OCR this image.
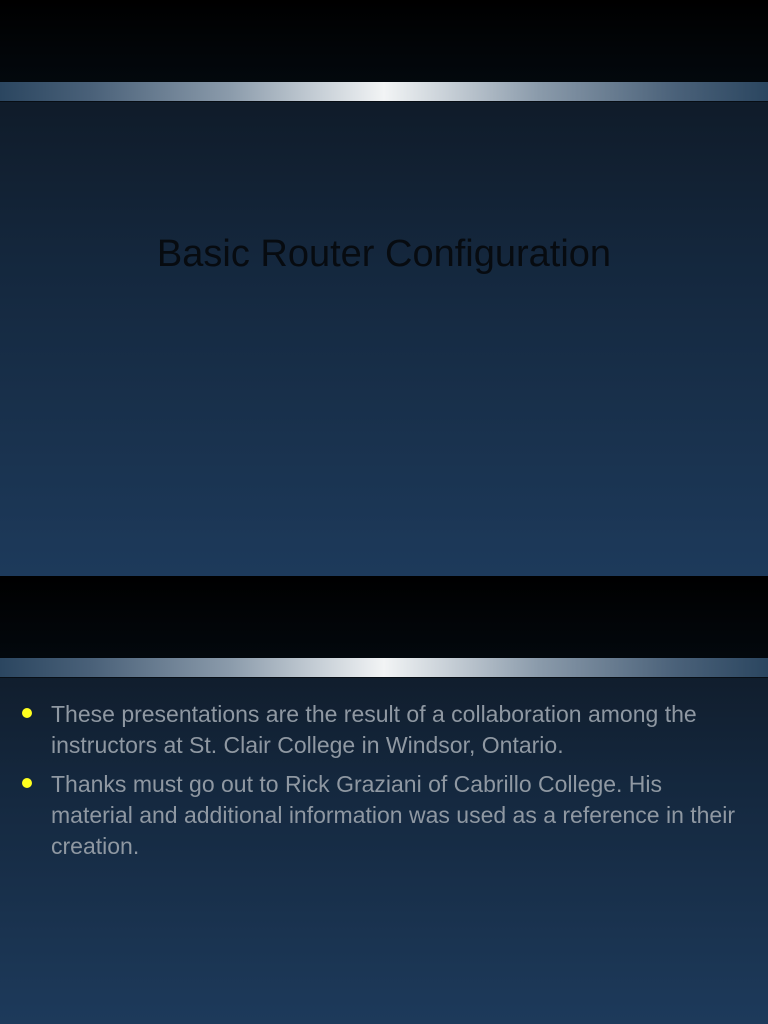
Basic Router Configuration
These presentations are the result of a collaboration among the instructors at St. Clair College in Windsor, Ontario.
Thanks must go out to Rick Graziani of Cabrillo College. His material and additional information was used as a reference in their creation.
